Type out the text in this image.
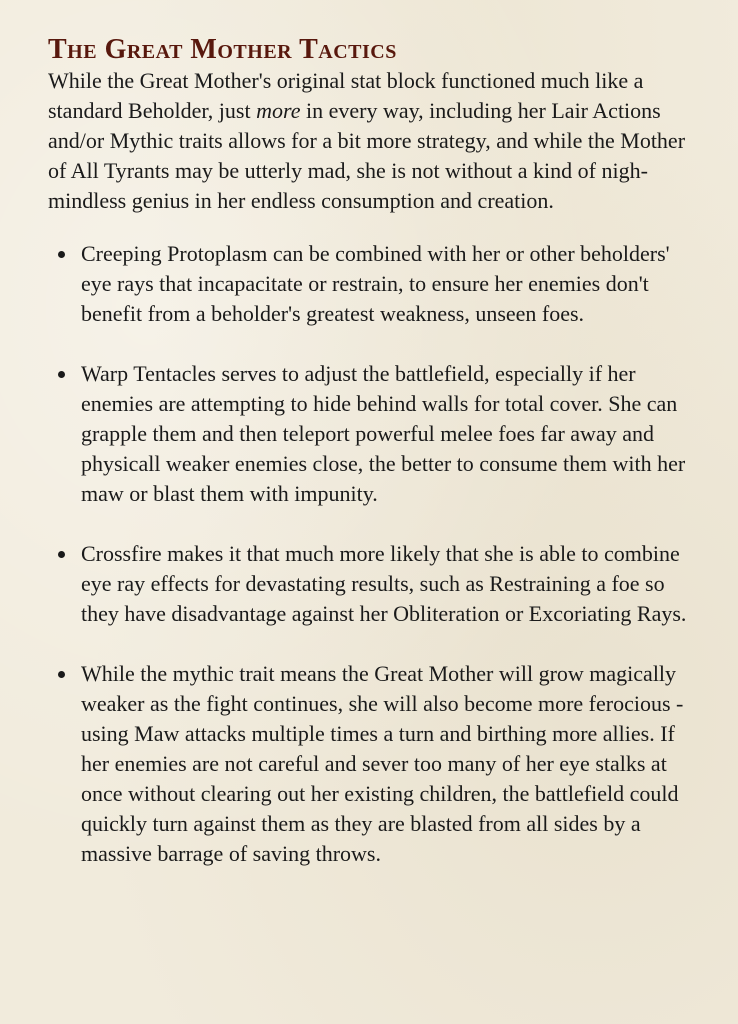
The Great Mother Tactics

While the Great Mother's original stat block functioned much like a standard Beholder, just more in every way, including her Lair Actions and/or Mythic traits allows for a bit more strategy, and while the Mother of All Tyrants may be utterly mad, she is not without a kind of nigh-mindless genius in her endless consumption and creation.

Creeping Protoplasm can be combined with her or other beholders' eye rays that incapacitate or restrain, to ensure her enemies don't benefit from a beholder's greatest weakness, unseen foes.
Warp Tentacles serves to adjust the battlefield, especially if her enemies are attempting to hide behind walls for total cover. She can grapple them and then teleport powerful melee foes far away and physicall weaker enemies close, the better to consume them with her maw or blast them with impunity.
Crossfire makes it that much more likely that she is able to combine eye ray effects for devastating results, such as Restraining a foe so they have disadvantage against her Obliteration or Excoriating Rays.
While the mythic trait means the Great Mother will grow magically weaker as the fight continues, she will also become more ferocious - using Maw attacks multiple times a turn and birthing more allies. If her enemies are not careful and sever too many of her eye stalks at once without clearing out her existing children, the battlefield could quickly turn against them as they are blasted from all sides by a massive barrage of saving throws.
